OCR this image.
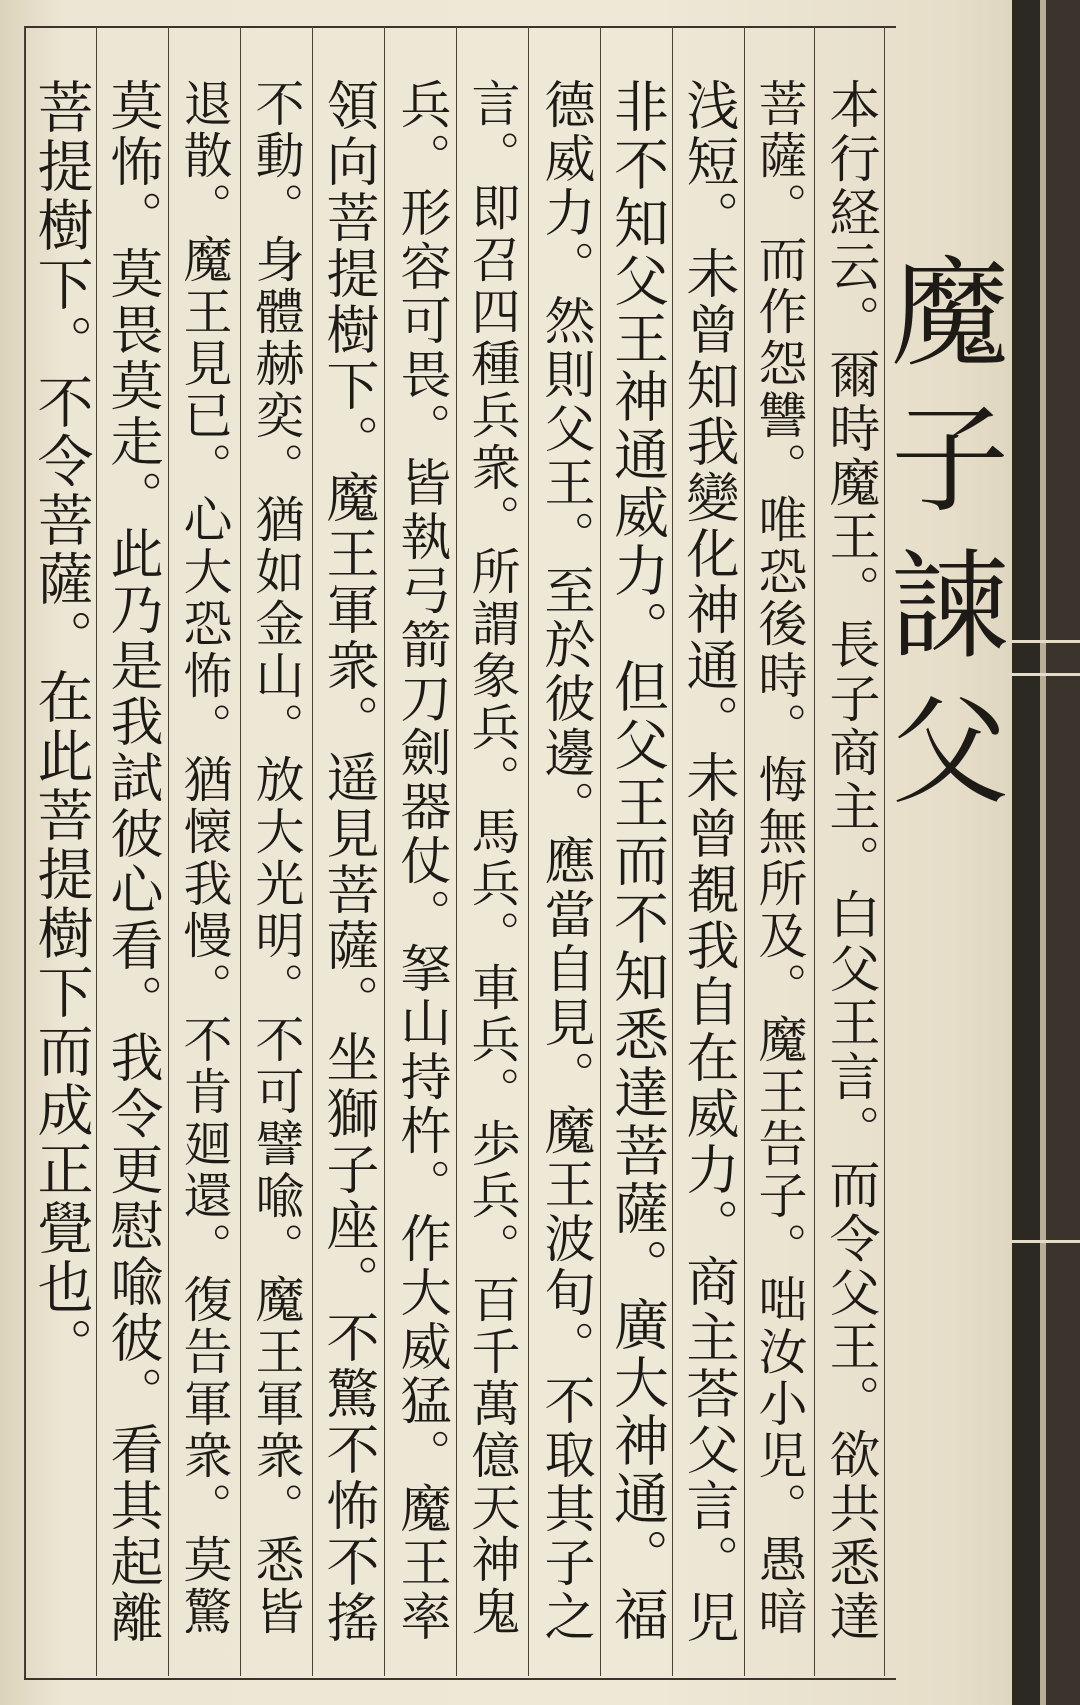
菩提樹下。不令菩薩。在此菩提樹下而成正覺也。 莫怖。莫畏莫走。此乃是我試彼心看。我令更慰喩彼。看其起離 退散。魔王見已。心大恐怖。猶懐我慢。不肯廻還。復告軍衆。莫驚 不動。身體赫奕。猶如金山。放大光明。不可譬喩。魔王軍衆。悉皆 領向菩提樹下。魔王軍衆。遥見菩薩。坐獅子座。不驚不怖不搖 兵。形容可畏。皆執弓箭刀劍器仗。拏山持杵。作大威猛。魔王率 言。即召四種兵衆。所謂象兵。馬兵。車兵。歩兵。百千萬億天神鬼 德威力。然則父王。至於彼邊。應當自見。魔王波旬。不取其子之 非不知父王神通威力。但父王而不知悉達菩薩。廣大神通。福 浅短。未曾知我變化神通。未曾覩我自在威力。商主荅父言。児 菩薩。而作怨讐。唯恐後時。悔無所及。魔王告子。咄汝小児。愚暗 本行経云。爾時魔王。長子商主。白父王言。而令父王。欲共悉達
魔子諫父
